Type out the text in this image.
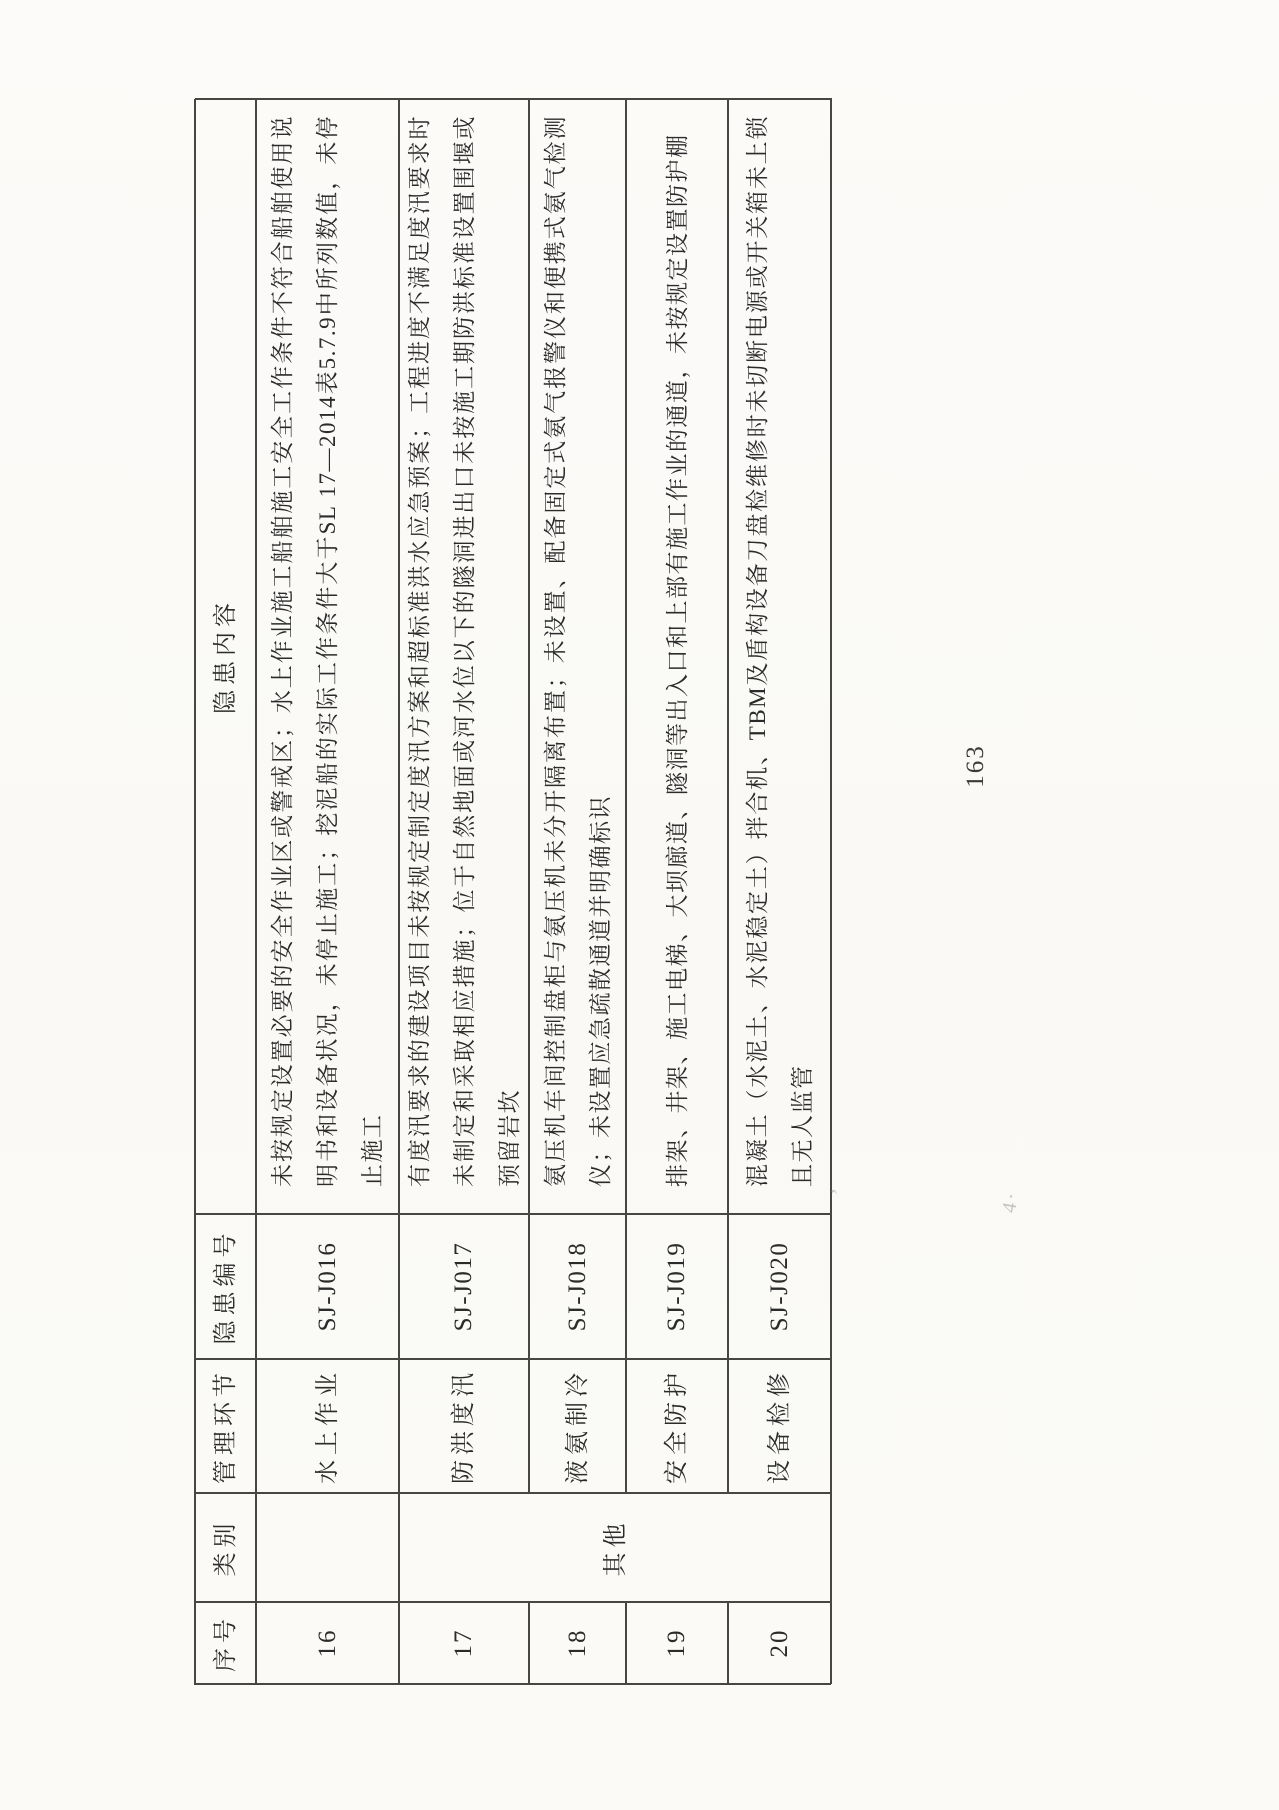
序号
类别
管理环节
隐患编号
隐患内容
16
水上作业
SJ-J016
未按规定设置必要的安全作业区或警戒区；水上作业施工船舶施工安全工作条件不符合船舶使用说明书和设备状况，未停止施工；挖泥船的实际工作条件大于SL 17—2014表5.7.9中所列数值，未停止施工
17
其他
防洪度汛
SJ-J017
有度汛要求的建设项目未按规定制定度汛方案和超标准洪水应急预案；工程进度不满足度汛要求时未制定和采取相应措施；位于自然地面或河水位以下的隧洞进出口未按施工期防洪标准设置围堰或预留岩坎
18
液氨制冷
SJ-J018
氨压机车间控制盘柜与氨压机未分开隔离布置；未设置、配备固定式氨气报警仪和便携式氨气检测仪；未设置应急疏散通道并明确标识
19
安全防护
SJ-J019
排架、井架、施工电梯、大坝廊道、隧洞等出入口和上部有施工作业的通道，未按规定设置防护棚
20
设备检修
SJ-J020
混凝土（水泥土、水泥稳定土）拌合机、TBM及盾构设备刀盘检维修时未切断电源或开关箱未上锁且无人监管
163
’	4·
